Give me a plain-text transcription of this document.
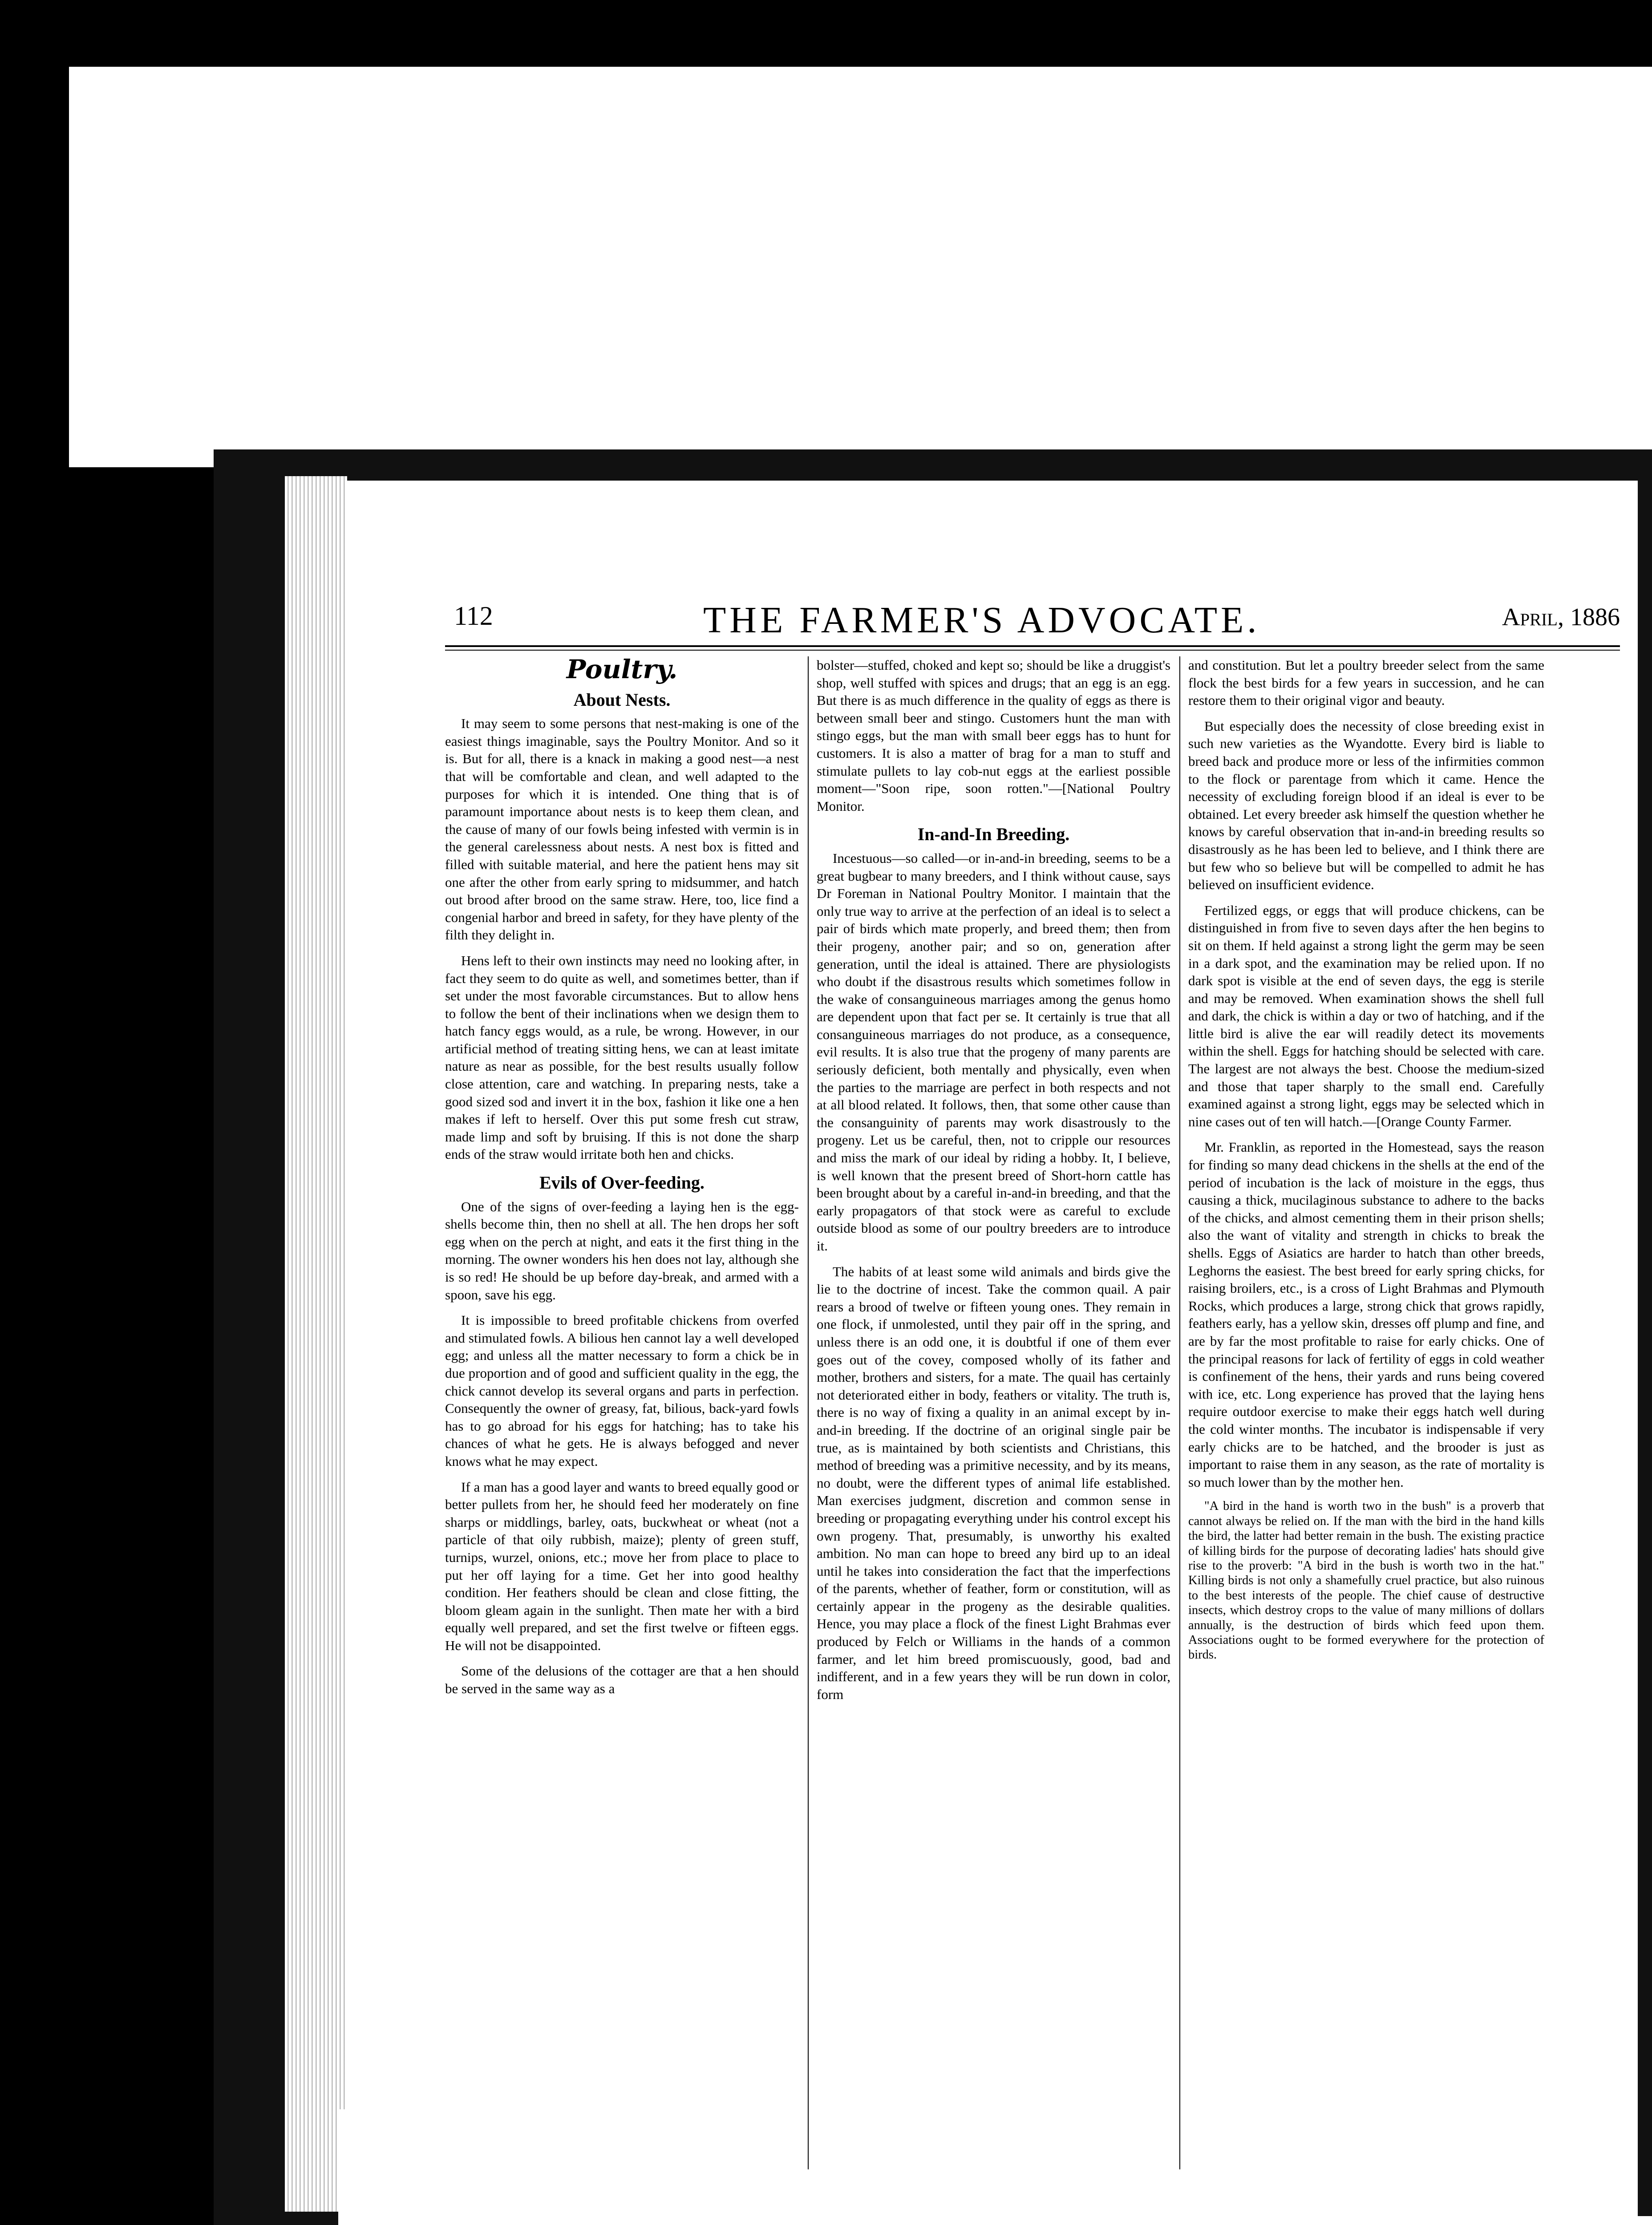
112	THE FARMER'S ADVOCATE.	April, 1886
Poultry.
About Nests.

It may seem to some persons that nest-making is one of the easiest things imaginable, says the Poultry Monitor. And so it is. But for all, there is a knack in making a good nest—a nest that will be comfortable and clean, and well adapted to the purposes for which it is intended. One thing that is of paramount importance about nests is to keep them clean, and the cause of many of our fowls being infested with vermin is in the general carelessness about nests. A nest box is fitted and filled with suitable material, and here the patient hens may sit one after the other from early spring to midsummer, and hatch out brood after brood on the same straw. Here, too, lice find a congenial harbor and breed in safety, for they have plenty of the filth they delight in.

Hens left to their own instincts may need no looking after, in fact they seem to do quite as well, and sometimes better, than if set under the most favorable circumstances. But to allow hens to follow the bent of their inclinations when we design them to hatch fancy eggs would, as a rule, be wrong. However, in our artificial method of treating sitting hens, we can at least imitate nature as near as possible, for the best results usually follow close attention, care and watching. In preparing nests, take a good sized sod and invert it in the box, fashion it like one a hen makes if left to herself. Over this put some fresh cut straw, made limp and soft by bruising. If this is not done the sharp ends of the straw would irritate both hen and chicks.

Evils of Over-feeding.

One of the signs of over-feeding a laying hen is the egg-shells become thin, then no shell at all. The hen drops her soft egg when on the perch at night, and eats it the first thing in the morning. The owner wonders his hen does not lay, although she is so red! He should be up before day-break, and armed with a spoon, save his egg.

It is impossible to breed profitable chickens from overfed and stimulated fowls. A bilious hen cannot lay a well developed egg; and unless all the matter necessary to form a chick be in due proportion and of good and sufficient quality in the egg, the chick cannot develop its several organs and parts in perfection. Consequently the owner of greasy, fat, bilious, back-yard fowls has to go abroad for his eggs for hatching; has to take his chances of what he gets. He is always befogged and never knows what he may expect.

If a man has a good layer and wants to breed equally good or better pullets from her, he should feed her moderately on fine sharps or middlings, barley, oats, buckwheat or wheat (not a particle of that oily rubbish, maize); plenty of green stuff, turnips, wurzel, onions, etc.; move her from place to place to put her off laying for a time. Get her into good healthy condition. Her feathers should be clean and close fitting, the bloom gleam again in the sunlight. Then mate her with a bird equally well prepared, and set the first twelve or fifteen eggs. He will not be disappointed.

Some of the delusions of the cottager are that a hen should be served in the same way as a

bolster—stuffed, choked and kept so; should be like a druggist's shop, well stuffed with spices and drugs; that an egg is an egg. But there is as much difference in the quality of eggs as there is between small beer and stingo. Customers hunt the man with stingo eggs, but the man with small beer eggs has to hunt for customers. It is also a matter of brag for a man to stuff and stimulate pullets to lay cob-nut eggs at the earliest possible moment—"Soon ripe, soon rotten."—[National Poultry Monitor.

In-and-In Breeding.

Incestuous—so called—or in-and-in breeding, seems to be a great bugbear to many breeders, and I think without cause, says Dr Foreman in National Poultry Monitor. I maintain that the only true way to arrive at the perfection of an ideal is to select a pair of birds which mate properly, and breed them; then from their progeny, another pair; and so on, generation after generation, until the ideal is attained. There are physiologists who doubt if the disastrous results which sometimes follow in the wake of consanguineous marriages among the genus homo are dependent upon that fact per se. It certainly is true that all consanguineous marriages do not produce, as a consequence, evil results. It is also true that the progeny of many parents are seriously deficient, both mentally and physically, even when the parties to the marriage are perfect in both respects and not at all blood related. It follows, then, that some other cause than the consanguinity of parents may work disastrously to the progeny. Let us be careful, then, not to cripple our resources and miss the mark of our ideal by riding a hobby. It, I believe, is well known that the present breed of Short-horn cattle has been brought about by a careful in-and-in breeding, and that the early propagators of that stock were as careful to exclude outside blood as some of our poultry breeders are to introduce it.

The habits of at least some wild animals and birds give the lie to the doctrine of incest. Take the common quail. A pair rears a brood of twelve or fifteen young ones. They remain in one flock, if unmolested, until they pair off in the spring, and unless there is an odd one, it is doubtful if one of them ever goes out of the covey, composed wholly of its father and mother, brothers and sisters, for a mate. The quail has certainly not deteriorated either in body, feathers or vitality. The truth is, there is no way of fixing a quality in an animal except by in-and-in breeding. If the doctrine of an original single pair be true, as is maintained by both scientists and Christians, this method of breeding was a primitive necessity, and by its means, no doubt, were the different types of animal life established. Man exercises judgment, discretion and common sense in breeding or propagating everything under his control except his own progeny. That, presumably, is unworthy his exalted ambition. No man can hope to breed any bird up to an ideal until he takes into consideration the fact that the imperfections of the parents, whether of feather, form or constitution, will as certainly appear in the progeny as the desirable qualities. Hence, you may place a flock of the finest Light Brahmas ever produced by Felch or Williams in the hands of a common farmer, and let him breed promiscuously, good, bad and indifferent, and in a few years they will be run down in color, form

and constitution. But let a poultry breeder select from the same flock the best birds for a few years in succession, and he can restore them to their original vigor and beauty.

But especially does the necessity of close breeding exist in such new varieties as the Wyandotte. Every bird is liable to breed back and produce more or less of the infirmities common to the flock or parentage from which it came. Hence the necessity of excluding foreign blood if an ideal is ever to be obtained. Let every breeder ask himself the question whether he knows by careful observation that in-and-in breeding results so disastrously as he has been led to believe, and I think there are but few who so believe but will be compelled to admit he has believed on insufficient evidence.

Fertilized eggs, or eggs that will produce chickens, can be distinguished in from five to seven days after the hen begins to sit on them. If held against a strong light the germ may be seen in a dark spot, and the examination may be relied upon. If no dark spot is visible at the end of seven days, the egg is sterile and may be removed. When examination shows the shell full and dark, the chick is within a day or two of hatching, and if the little bird is alive the ear will readily detect its movements within the shell. Eggs for hatching should be selected with care. The largest are not always the best. Choose the medium-sized and those that taper sharply to the small end. Carefully examined against a strong light, eggs may be selected which in nine cases out of ten will hatch.—[Orange County Farmer.

Mr. Franklin, as reported in the Homestead, says the reason for finding so many dead chickens in the shells at the end of the period of incubation is the lack of moisture in the eggs, thus causing a thick, mucilaginous substance to adhere to the backs of the chicks, and almost cementing them in their prison shells; also the want of vitality and strength in chicks to break the shells. Eggs of Asiatics are harder to hatch than other breeds, Leghorns the easiest. The best breed for early spring chicks, for raising broilers, etc., is a cross of Light Brahmas and Plymouth Rocks, which produces a large, strong chick that grows rapidly, feathers early, has a yellow skin, dresses off plump and fine, and are by far the most profitable to raise for early chicks. One of the principal reasons for lack of fertility of eggs in cold weather is confinement of the hens, their yards and runs being covered with ice, etc. Long experience has proved that the laying hens require outdoor exercise to make their eggs hatch well during the cold winter months. The incubator is indispensable if very early chicks are to be hatched, and the brooder is just as important to raise them in any season, as the rate of mortality is so much lower than by the mother hen.

"A bird in the hand is worth two in the bush" is a proverb that cannot always be relied on. If the man with the bird in the hand kills the bird, the latter had better remain in the bush. The existing practice of killing birds for the purpose of decorating ladies' hats should give rise to the proverb: "A bird in the bush is worth two in the hat." Killing birds is not only a shamefully cruel practice, but also ruinous to the best interests of the people. The chief cause of destructive insects, which destroy crops to the value of many millions of dollars annually, is the destruction of birds which feed upon them. Associations ought to be formed everywhere for the protection of birds.
